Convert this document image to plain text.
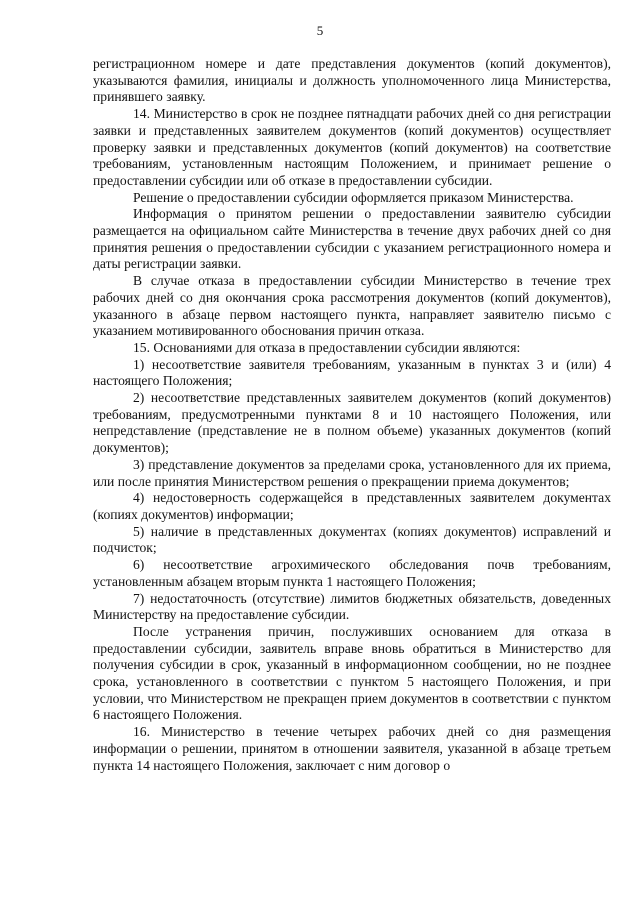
5

регистрационном номере и дате представления документов (копий документов), указываются фамилия, инициалы и должность уполномоченного лица Министерства, принявшего заявку.

14. Министерство в срок не позднее пятнадцати рабочих дней со дня регистрации заявки и представленных заявителем документов (копий документов) осуществляет проверку заявки и представленных документов (копий документов) на соответствие требованиям, установленным настоящим Положением, и принимает решение о предоставлении субсидии или об отказе в предоставлении субсидии.

Решение о предоставлении субсидии оформляется приказом Министерства.

Информация о принятом решении о предоставлении заявителю субсидии размещается на официальном сайте Министерства в течение двух рабочих дней со дня принятия решения о предоставлении субсидии с указанием регистрационного номера и даты регистрации заявки.

В случае отказа в предоставлении субсидии Министерство в течение трех рабочих дней со дня окончания срока рассмотрения документов (копий документов), указанного в абзаце первом настоящего пункта, направляет заявителю письмо с указанием мотивированного обоснования причин отказа.

15. Основаниями для отказа в предоставлении субсидии являются:

1) несоответствие заявителя требованиям, указанным в пунктах 3 и (или) 4 настоящего Положения;

2) несоответствие представленных заявителем документов (копий документов) требованиям, предусмотренными пунктами 8 и 10 настоящего Положения, или непредставление (представление не в полном объеме) указанных документов (копий документов);

3) представление документов за пределами срока, установленного для их приема, или после принятия Министерством решения о прекращении приема документов;

4) недостоверность содержащейся в представленных заявителем документах (копиях документов) информации;

5) наличие в представленных документах (копиях документов) исправлений и подчисток;

6) несоответствие агрохимического обследования почв требованиям, установленным абзацем вторым пункта 1 настоящего Положения;

7) недостаточность (отсутствие) лимитов бюджетных обязательств, доведенных Министерству на предоставление субсидии.

После устранения причин, послуживших основанием для отказа в предоставлении субсидии, заявитель вправе вновь обратиться в Министерство для получения субсидии в срок, указанный в информационном сообщении, но не позднее срока, установленного в соответствии с пунктом 5 настоящего Положения, и при условии, что Министерством не прекращен прием документов в соответствии с пунктом 6 настоящего Положения.

16. Министерство в течение четырех рабочих дней со дня размещения информации о решении, принятом в отношении заявителя, указанной в абзаце третьем пункта 14 настоящего Положения, заключает с ним договор о
